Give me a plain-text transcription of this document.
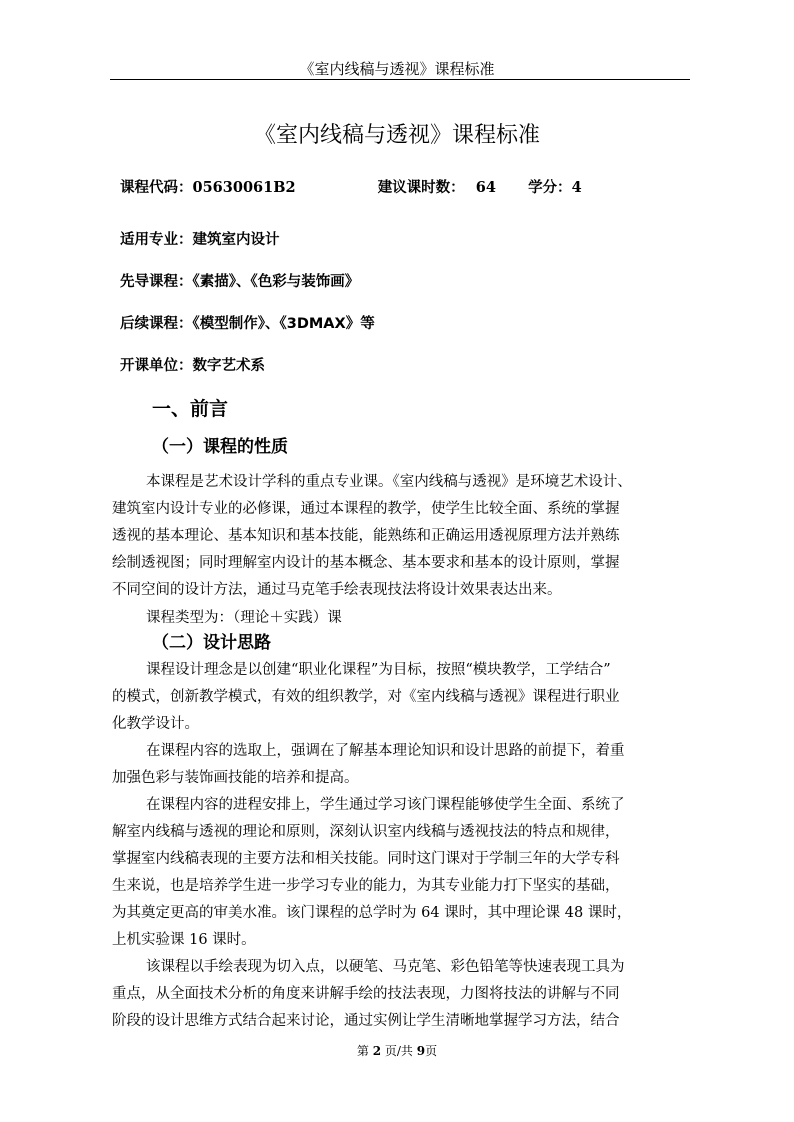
《室内线稿与透视》课程标准
《室内线稿与透视》课程标准
课程代码：05630061B2	建议课时数： 64 学分：4
适用专业：建筑室内设计
先导课程：《素描》、《色彩与装饰画》
后续课程：《模型制作》、《3DMAX》等
开课单位：数字艺术系
一、前言
（一）课程的性质
本课程是艺术设计学科的重点专业课。《室内线稿与透视》是环境艺术设计、
建筑室内设计专业的必修课，通过本课程的教学，使学生比较全面、系统的掌握
透视的基本理论、基本知识和基本技能，能熟练和正确运用透视原理方法并熟练
绘制透视图；同时理解室内设计的基本概念、基本要求和基本的设计原则，掌握
不同空间的设计方法，通过马克笔手绘表现技法将设计效果表达出来。
课程类型为：（理论＋实践）课
（二）设计思路
课程设计理念是以创建“职业化课程”为目标，按照“模块教学，工学结合”
的模式，创新教学模式，有效的组织教学，对《室内线稿与透视》课程进行职业
化教学设计。
在课程内容的选取上，强调在了解基本理论知识和设计思路的前提下，着重
加强色彩与装饰画技能的培养和提高。
在课程内容的进程安排上，学生通过学习该门课程能够使学生全面、系统了
解室内线稿与透视的理论和原则，深刻认识室内线稿与透视技法的特点和规律，
掌握室内线稿表现的主要方法和相关技能。同时这门课对于学制三年的大学专科
生来说，也是培养学生进一步学习专业的能力，为其专业能力打下坚实的基础，
为其奠定更高的审美水准。该门课程的总学时为 64 课时，其中理论课 48 课时，
上机实验课 16 课时。
该课程以手绘表现为切入点，以硬笔、马克笔、彩色铅笔等快速表现工具为
重点，从全面技术分析的角度来讲解手绘的技法表现，力图将技法的讲解与不同
阶段的设计思维方式结合起来讨论，通过实例让学生清晰地掌握学习方法，结合
第 2 页/共 9页
